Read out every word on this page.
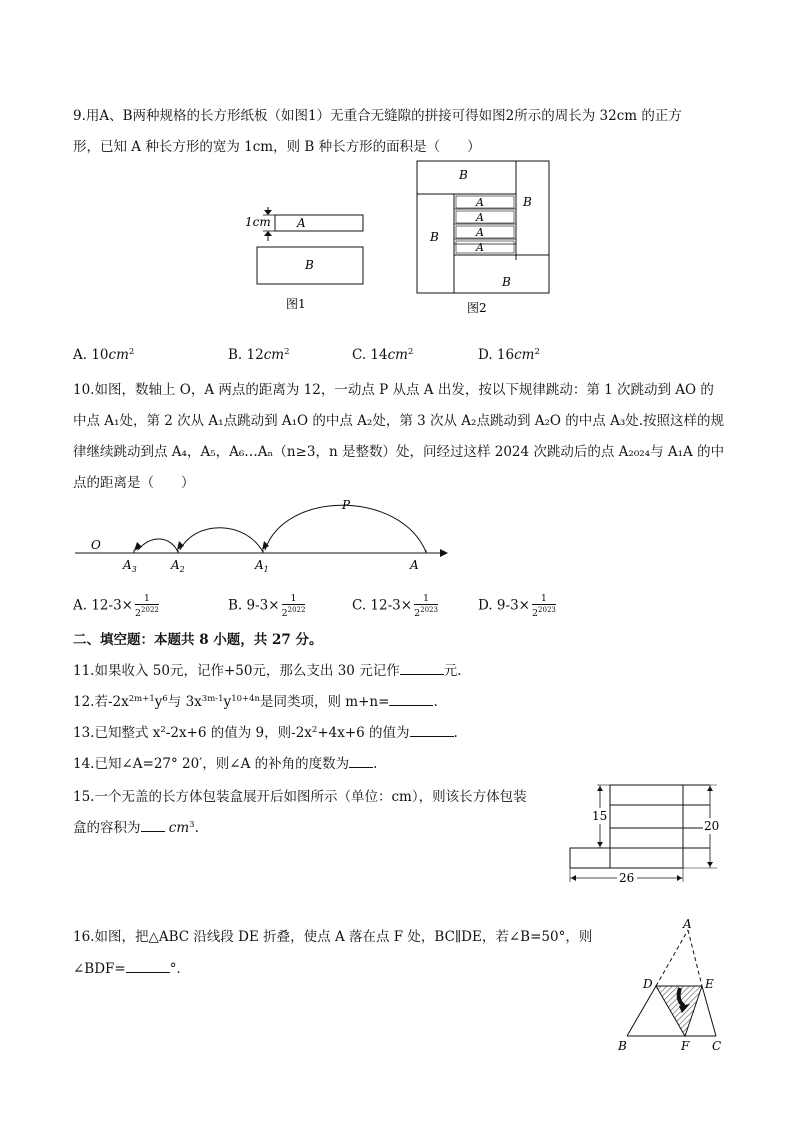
9.用A、B两种规格的长方形纸板（如图1）无重合无缝隙的拼接可得如图2所示的周长为 32cm 的正方
形，已知 A 种长方形的宽为 1cm，则 B 种长方形的面积是（　　）
1cm A
B
图1
B
B
B
B
A
A
A
A
图2
A. $10cm^2$	B. $12cm^2$	C. $14cm^2$	D. $16cm^2$
10.如图，数轴上 O，A 两点的距离为 12，一动点 P 从点 A 出发，按以下规律跳动：第 1 次跳动到 AO 的
中点 A₁处，第 2 次从 A₁点跳动到 A₁O 的中点 A₂处，第 3 次从 A₂点跳动到 A₂O 的中点 A₃处.按照这样的规
律继续跳动到点 A₄，A₅，A₆…Aₙ（n≥3，n 是整数）处，问经过这样 2024 次跳动后的点 A₂₀₂₄与 A₁A 的中
点的距离是（　　）
O
P
$A_3$	$A_2$	$A_1$	A
A. $12-3\times \frac{1}{2^{2022}}$	B. $9-3\times \frac{1}{2^{2022}}$	C. $12-3\times \frac{1}{2^{2023}}$	D. $9-3\times \frac{1}{2^{2023}}$
二、填空题：本题共 8 小题，共 27 分。
11.如果收入 50元，记作+50元，那么支出 30 元记作	元．
12.若$-2x^{2m+1}y^6$与 $3x^{3m-1}y^{10+4n}$是同类项，则 m+n=	.
13.已知整式 $x^2-2x+6$ 的值为 9，则$-2x^2+4x+6$ 的值为	.
14.已知∠A=27° 20′，则∠A 的补角的度数为 .
15.一个无盖的长方体包装盒展开后如图所示（单位：cm），则该长方体包装
盒的容积为 $cm^3$.
15
20
26
16.如图，把△ABC 沿线段 DE 折叠，使点 A 落在点 F 处，BC∥DE，若∠B=50°，则
∠BDF=	°．
A
D	E
B	F C
